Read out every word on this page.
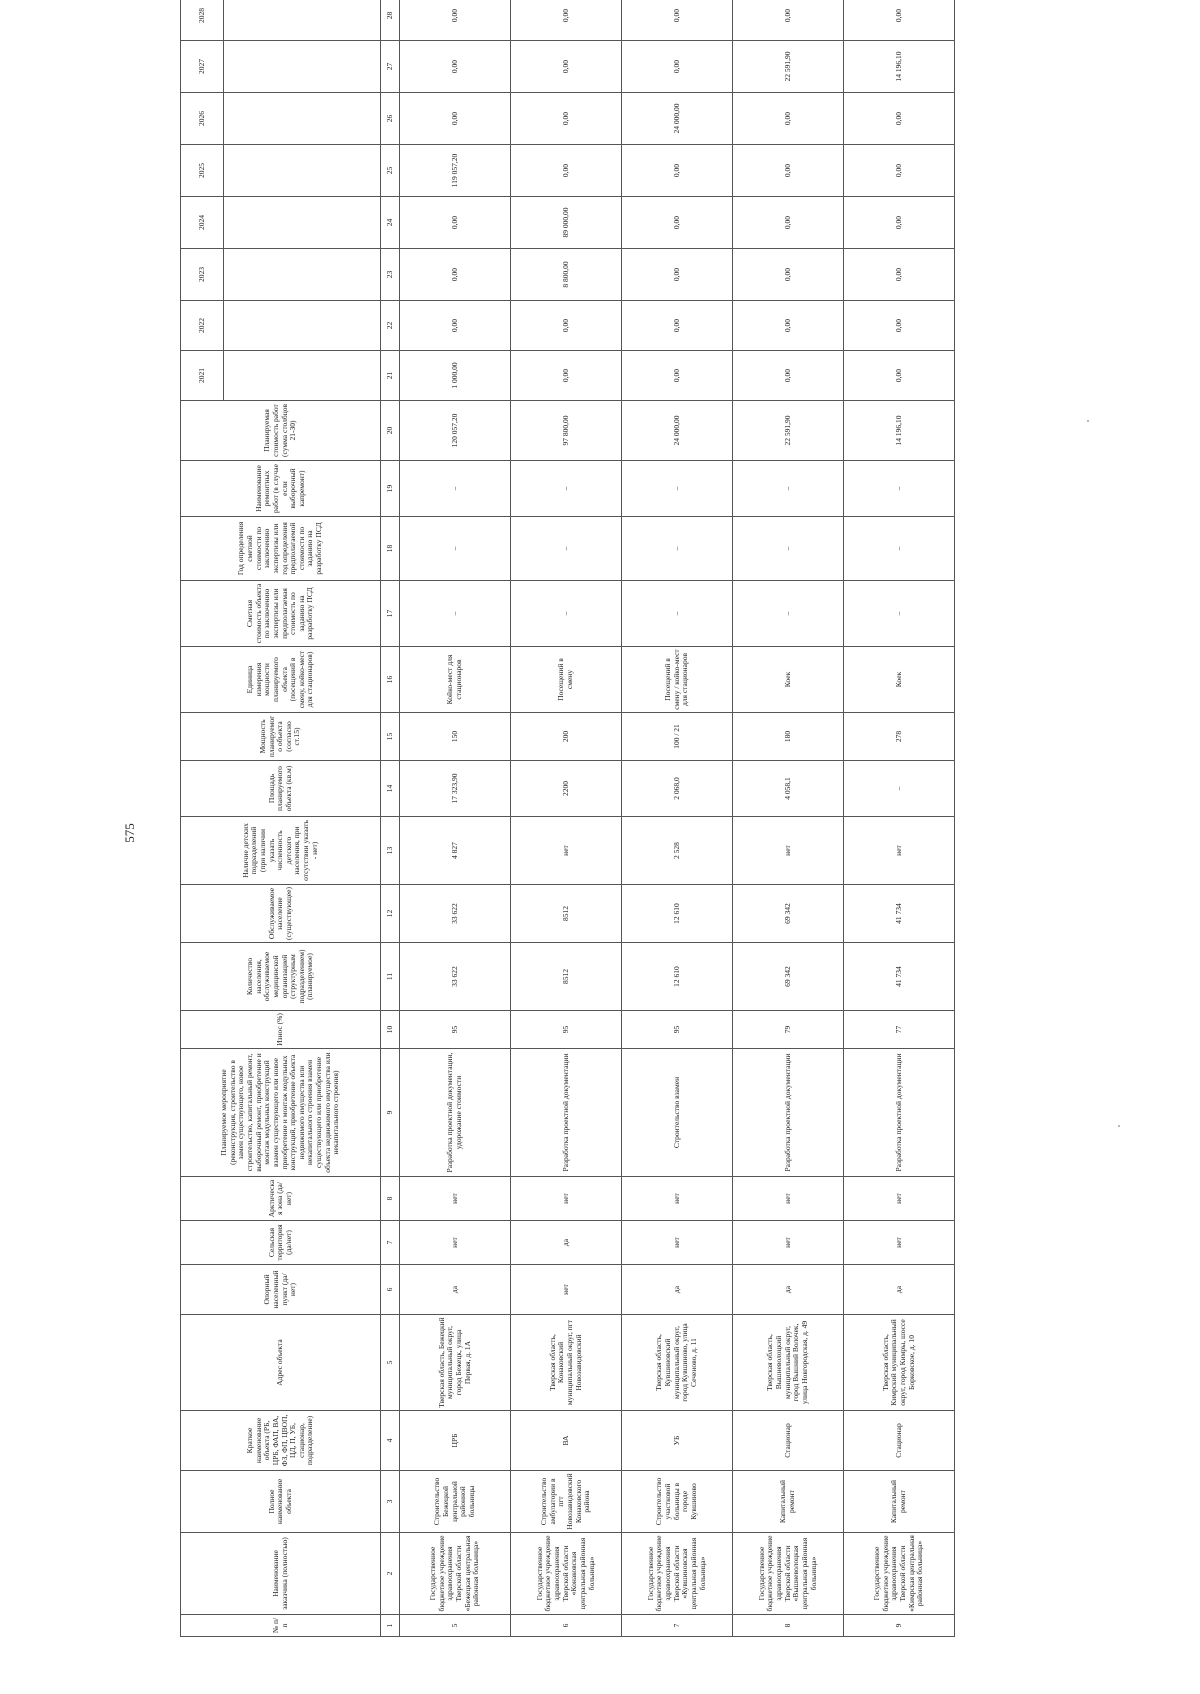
575
№ п/п	Наименование заказчика (полностью)	Полное наименование объекта	Краткое наименование объекта (РБ, ЦРБ, ФАП, ВА, ФЗ, ФП, ЦВОП, ЦД, П, УБ, стационар, подразделение)	Адрес объекта	Опорный населенный пункт (да/нет)	Сельская территория (да/нет)	Арктическая зона (да/нет)	Планируемое мероприятие (реконструкция, строительство в замен существующего, новое строительство, капитальный ремонт, выборочный ремонт, приобретение и монтаж модульных конструкций взамен существующего или новое приобретение и монтаж модульных конструкций, приобретение объекта недвижимого имущества или некапитального строения взамен существующего или приобретение объекта недвижимого имущества или некапитального строения)	Износ (%)	Количество населения, обслуживаемое медицинской организацией (структурным подразделением) (планируемое)	Обслуживаемое население (существующее)	Наличие детских подразделений (при наличии указать численность детского населения, при отсутствии указать - нет)	Площадь планируемого объекта (кв.м)	Мощность планируемого объекта (согласно ст.15)	Единица измерения мощности планируемого объекта (посещений в смену, койко-мест для стационаров)	Сметная стоимость объекта по заключению экспертизы или предполагаемая стоимость по заданию на разработку ПСД	Год определения сметной стоимости по заключению экспертизы или год определения предполагаемой стоимости по заданию на разработку ПСД	Наименование ремонтных работ (в случае если выборочный капремонт)	Планируемая стоимость работ (сумма столбцов 21-30)	2021	2022	2023	2024	2025	2026	2027	2028				

1	2	3	4	5	6	7	8	9	10	11	12	13	14	15	16	17	18	19	20	21	22	23	24	25	26	27	28				
5	Государственное бюджетное учреждение здравоохранения Тверской области «Бежецкая центральная районная больница»	Строительство Бежецкой центральной районной больницы	ЦРБ	Тверская область, Бежецкий муниципальный округ, город Бежецк, улица Первая, д. 1А	да	нет	нет	Разработка проектной документации, удорожание стоимости	95	33 622	33 622	4 827	17 323,90	150	Койко-мест для стационаров	–	–	–	120 057,20	1 000,00	0,00	0,00	0,00	119 057,20	0,00	0,00	0,00				
6	Государственное бюджетное учреждение здравоохранения Тверской области «Конаковская центральная районная больница»	Строительство амбулатории в пгт Новозавидовский Конаковского района	ВА	Тверская область, Конаковский муниципальный округ, пгт Новозавидовский	нет	да	нет	Разработка проектной документации	95	8512	8512	нет	2200	200	Посещений в смену	–	–	–	97 800,00	0,00	0,00	8 800,00	89 000,00	0,00	0,00	0,00	0,00				
7	Государственное бюджетное учреждение здравоохранения Тверской области «Кувшиновская центральная районная больница»	Строительство участковой больницы в городе Кувшиново	УБ	Тверская область, Кувшиновский муниципальный округ, город Кувшиново, улица Сеченово, д. 11	да	нет	нет	Строительство взамен	95	12 610	12 610	2 528	2 068,0	100 / 21	Посещений в смену / койко-мест для стационаров	–	–	–	24 000,00	0,00	0,00	0,00	0,00	0,00	24 000,00	0,00	0,00				
8	Государственное бюджетное учреждение здравоохранения Тверской области «Вышневолоцкая центральная районная больница»	Капитальный ремонт	Стационар	Тверская область, Вышневолоцкий муниципальный округ, город Вышний Волочек, улица Новгородская, д. 49	да	нет	нет	Разработка проектной документации	79	69 342	69 342	нет	4 058,1	180	Коек	–	–	–	22 591,90	0,00	0,00	0,00	0,00	0,00	0,00	22 591,90	0,00				
9	Государственное бюджетное учреждение здравоохранения Тверской области «Кимрская центральная районная больница»	Капитальный ремонт	Стационар	Тверская область, Кимрский муниципальный округ, город Кимры, шоссе Борковское, д. 10	да	нет	нет	Разработка проектной документации	77	41 734	41 734	нет	–	278	Коек	–	–	–	14 196,10	0,00	0,00	0,00	0,00	0,00	0,00	14 196,10	0,00				
